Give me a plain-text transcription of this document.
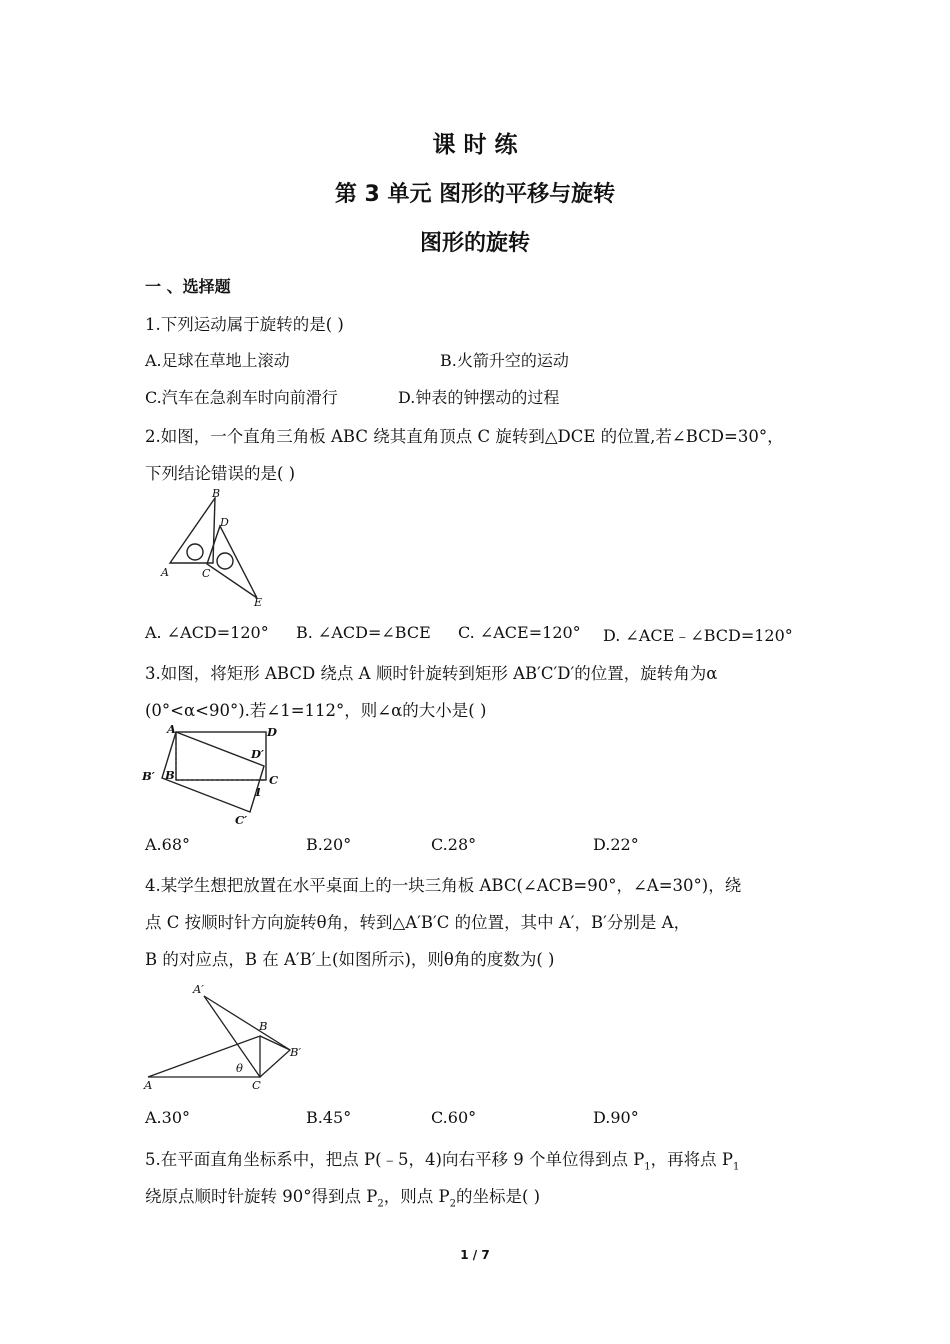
课 时 练
第 3 单元 图形的平移与旋转
图形的旋转
一 、选择题
1.下列运动属于旋转的是( )
A.足球在草地上滚动	B.火箭升空的运动
C.汽车在急刹车时向前滑行	D.钟表的钟摆动的过程
2.如图，一个直角三角板 ABC 绕其直角顶点 C 旋转到△DCE 的位置,若∠BCD=30°，
下列结论错误的是( )
B
D
A	C
E
A. ∠ACD=120° B. ∠ACD=∠BCE C. ∠ACE=120° D. ∠ACE﹣∠BCD=120°
3.如图，将矩形 ABCD 绕点 A 顺时针旋转到矩形 AB′C′D′的位置，旋转角为α
(0°<α<90°).若∠1=112°，则∠α的大小是( )
A	D
D′
B′ B	C
1
C′
A.68°	B.20°	C.28°	D.22°
4.某学生想把放置在水平桌面上的一块三角板 ABC(∠ACB=90°，∠A=30°)，绕
点 C 按顺时针方向旋转θ角，转到△A′B′C 的位置，其中 A′，B′分别是 A，
B 的对应点，B 在 A′B′上(如图所示)，则θ角的度数为( )
A′
B
B′
θ
A	C
A.30°	B.45°	C.60°	D.90°
5.在平面直角坐标系中，把点 P(﹣5，4)向右平移 9 个单位得到点 $P_1$，再将点 $P_1$
绕原点顺时针旋转 90°得到点 $P_2$，则点 $P_2$的坐标是( )
1 / 7
